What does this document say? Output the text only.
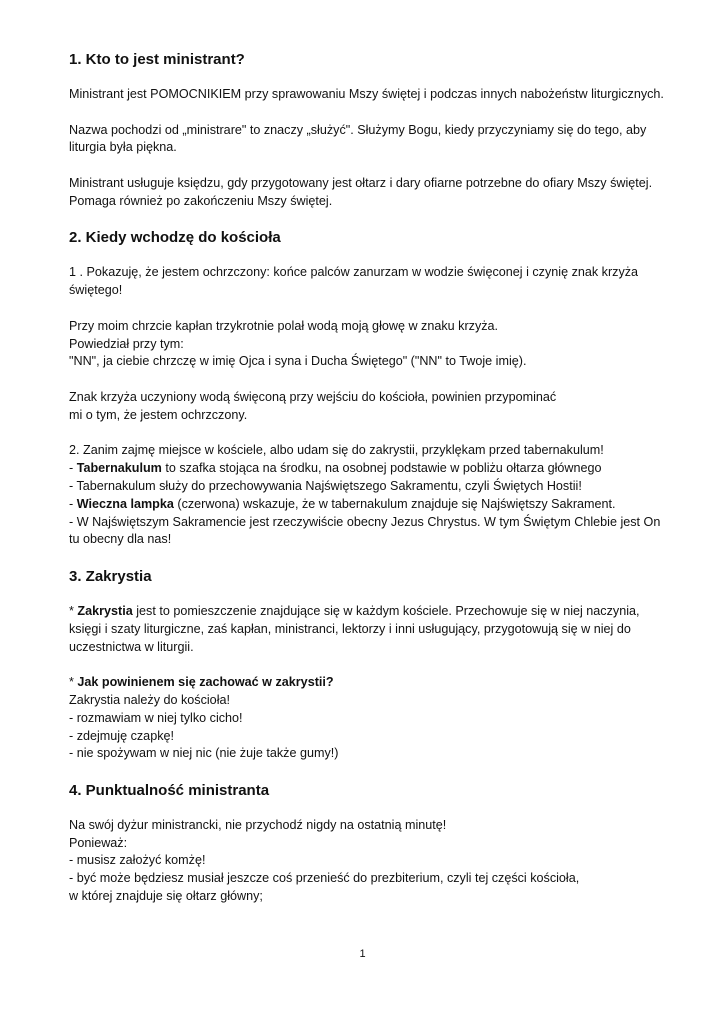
1. Kto to jest ministrant?

Ministrant jest POMOCNIKIEM przy sprawowaniu Mszy świętej i podczas innych nabożeństw liturgicznych.

Nazwa pochodzi od „ministrare" to znaczy „służyć". Służymy Bogu, kiedy przyczyniamy się do tego, aby liturgia była piękna.

Ministrant usługuje księdzu, gdy przygotowany jest ołtarz i dary ofiarne potrzebne do ofiary Mszy świętej. Pomaga również po zakończeniu Mszy świętej.

2. Kiedy wchodzę do kościoła

1 . Pokazuję, że jestem ochrzczony: końce palców zanurzam w wodzie święconej i czynię znak krzyża świętego!

Przy moim chrzcie kapłan trzykrotnie polał wodą moją głowę w znaku krzyża.
Powiedział przy tym:
"NN", ja ciebie chrzczę w imię Ojca i syna i Ducha Świętego" ("NN" to Twoje imię).

Znak krzyża uczyniony wodą święconą przy wejściu do kościoła, powinien przypominać
mi o tym, że jestem ochrzczony.

2. Zanim zajmę miejsce w kościele, albo udam się do zakrystii, przyklękam przed tabernakulum!
- Tabernakulum to szafka stojąca na środku, na osobnej podstawie w pobliżu ołtarza głównego
- Tabernakulum służy do przechowywania Najświętszego Sakramentu, czyli Świętych Hostii!
- Wieczna lampka (czerwona) wskazuje, że w tabernakulum znajduje się Najświętszy Sakrament.
- W Najświętszym Sakramencie jest rzeczywiście obecny Jezus Chrystus. W tym Świętym Chlebie jest On tu obecny dla nas!

3. Zakrystia

* Zakrystia jest to pomieszczenie znajdujące się w każdym kościele. Przechowuje się w niej naczynia, księgi i szaty liturgiczne, zaś kapłan, ministranci, lektorzy i inni usługujący, przygotowują się w niej do uczestnictwa w liturgii.

* Jak powinienem się zachować w zakrystii?
Zakrystia należy do kościoła!
- rozmawiam w niej tylko cicho!
- zdejmuję czapkę!
- nie spożywam w niej nic (nie żuje także gumy!)

4. Punktualność ministranta

Na swój dyżur ministrancki, nie przychodź nigdy na ostatnią minutę!
Ponieważ:
- musisz założyć komżę!
- być może będziesz musiał jeszcze coś przenieść do prezbiterium, czyli tej części kościoła,
w której znajduje się ołtarz główny;

1
